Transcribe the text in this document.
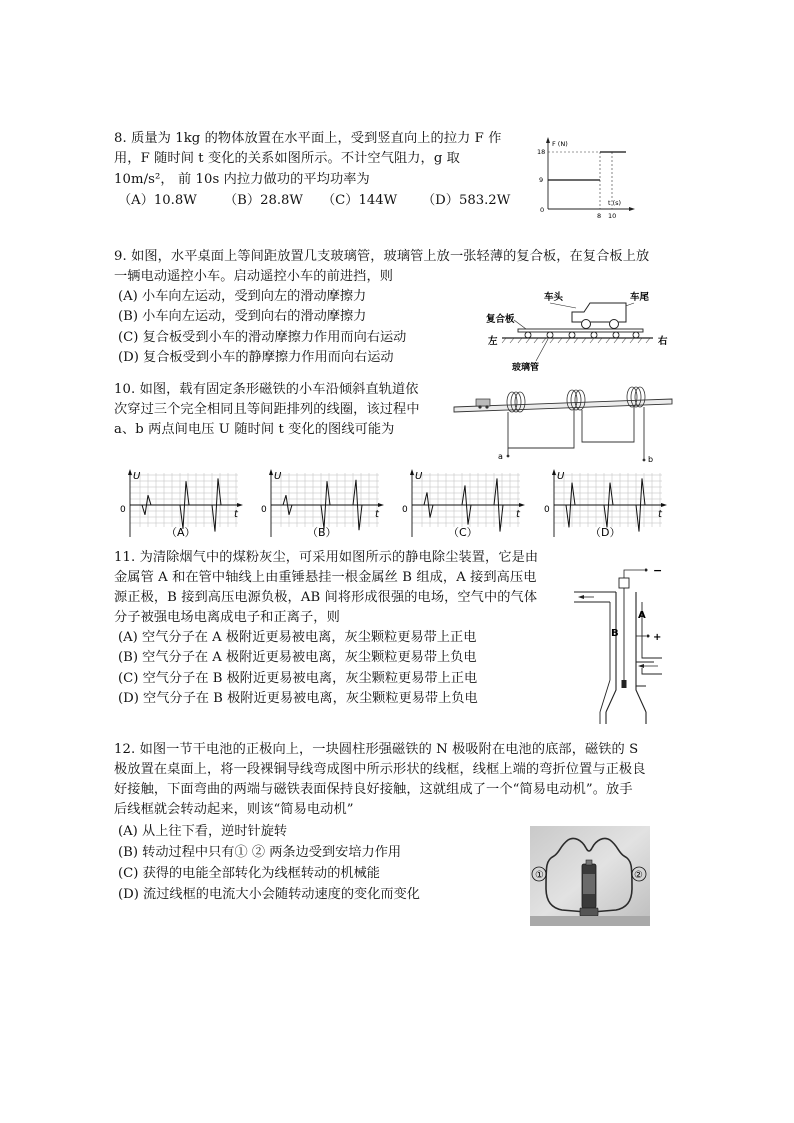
8. 质量为 1kg 的物体放置在水平面上，受到竖直向上的拉力 F 作
用，F 随时间 t 变化的关系如图所示。不计空气阻力，g 取
10m/s²， 前 10s 内拉力做功的平均功率为
（A）10.8W （B）28.8W （C）144W （D）583.2W
F (N)
t (s)
18
9
0
8 10
9. 如图，水平桌面上等间距放置几支玻璃管，玻璃管上放一张轻薄的复合板，在复合板上放
一辆电动遥控小车。启动遥控小车的前进挡，则
(A) 小车向左运动，受到向左的滑动摩擦力
(B) 小车向左运动，受到向右的滑动摩擦力
(C) 复合板受到小车的滑动摩擦力作用而向右运动
(D) 复合板受到小车的静摩擦力作用而向右运动
车头	车尾
复合板
左	右
玻璃管
10. 如图，载有固定条形磁铁的小车沿倾斜直轨道依
次穿过三个完全相同且等间距排列的线圈，该过程中
a、b 两点间电压 U 随时间 t 变化的图线可能为
a	b
U
t
0
（A）
U
t
0
（B）
U
t
0
（C）
U
t
0
（D）
11. 为清除烟气中的煤粉灰尘，可采用如图所示的静电除尘装置，它是由
金属管 A 和在管中轴线上由重锤悬挂一根金属丝 B 组成，A 接到高压电
源正极，B 接到高压电源负极，AB 间将形成很强的电场，空气中的气体
分子被强电场电离成电子和正离子，则
(A) 空气分子在 A 极附近更易被电离，灰尘颗粒更易带上正电
(B) 空气分子在 A 极附近更易被电离，灰尘颗粒更易带上负电
(C) 空气分子在 B 极附近更易被电离，灰尘颗粒更易带上正电
(D) 空气分子在 B 极附近更易被电离，灰尘颗粒更易带上负电
−
+
A
B
12. 如图一节干电池的正极向上，一块圆柱形强磁铁的 N 极吸附在电池的底部，磁铁的 S
极放置在桌面上，将一段裸铜导线弯成图中所示形状的线框，线框上端的弯折位置与正极良
好接触，下面弯曲的两端与磁铁表面保持良好接触，这就组成了一个“简易电动机”。放手
后线框就会转动起来，则该“简易电动机”
(A) 从上往下看，逆时针旋转
(B) 转动过程中只有① ② 两条边受到安培力作用
(C) 获得的电能全部转化为线框转动的机械能
(D) 流过线框的电流大小会随转动速度的变化而变化
①	②
